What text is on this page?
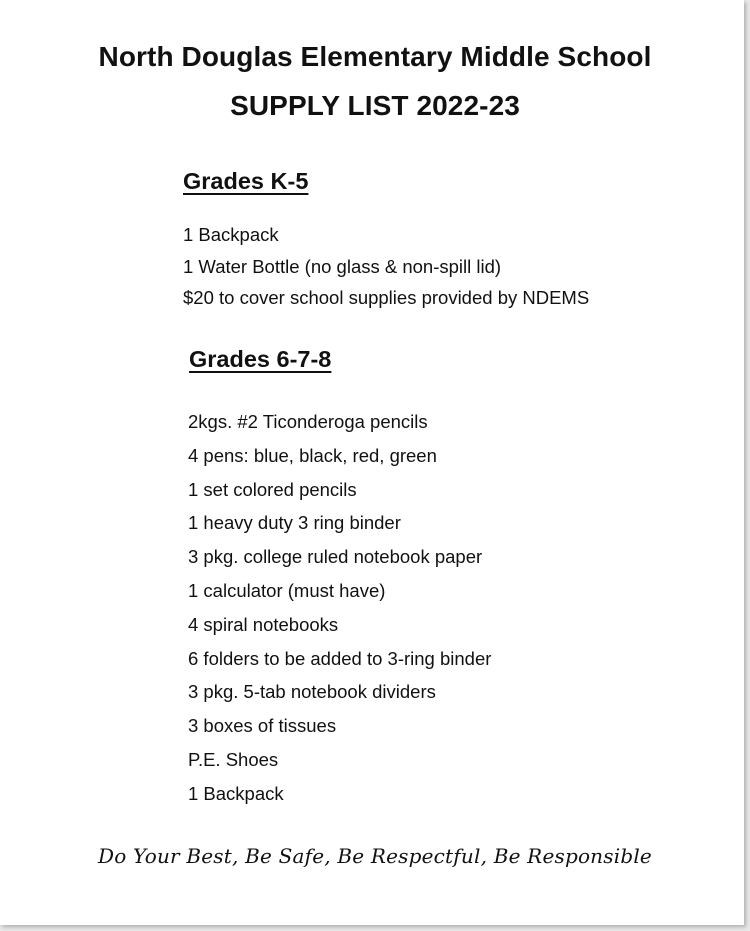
North Douglas Elementary Middle School
SUPPLY LIST 2022-23
Grades K-5
1 Backpack
1 Water Bottle (no glass & non-spill lid)
$20 to cover school supplies provided by NDEMS
Grades 6-7-8
2kgs. #2 Ticonderoga pencils
4 pens: blue, black, red, green
1 set colored pencils
1 heavy duty 3 ring binder
3 pkg. college ruled notebook paper
1 calculator (must have)
4 spiral notebooks
6 folders to be added to 3-ring binder
3 pkg. 5-tab notebook dividers
3 boxes of tissues
P.E. Shoes
1 Backpack

Do Your Best, Be Safe, Be Respectful, Be Responsible
